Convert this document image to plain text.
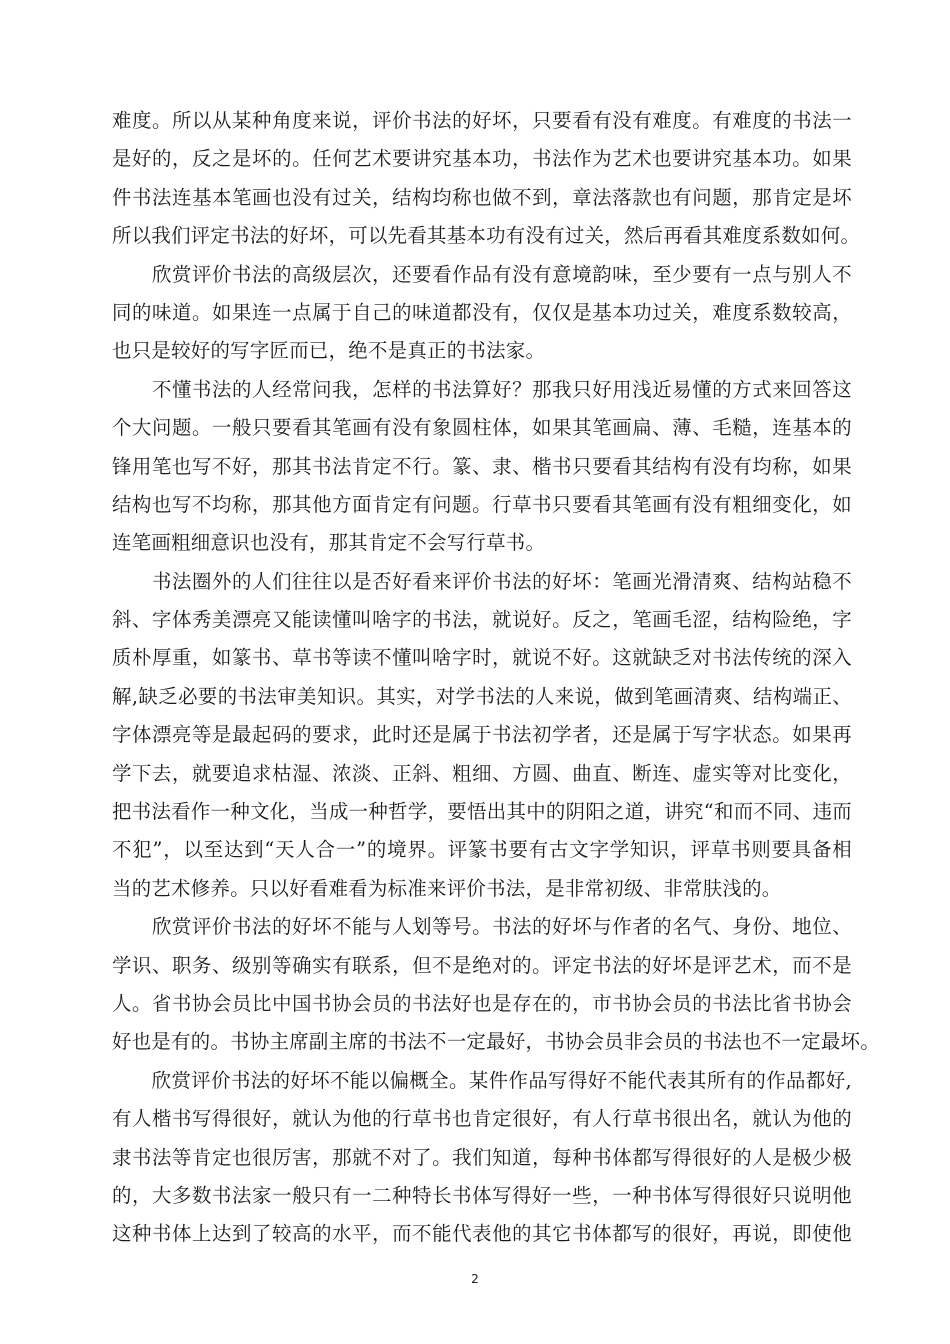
难度。所以从某种角度来说，评价书法的好坏，只要看有没有难度。有难度的书法一
是好的，反之是坏的。任何艺术要讲究基本功，书法作为艺术也要讲究基本功。如果
件书法连基本笔画也没有过关，结构均称也做不到，章法落款也有问题，那肯定是坏
所以我们评定书法的好坏，可以先看其基本功有没有过关，然后再看其难度系数如何。
　　欣赏评价书法的高级层次，还要看作品有没有意境韵味，至少要有一点与别人不
同的味道。如果连一点属于自己的味道都没有，仅仅是基本功过关，难度系数较高，
也只是较好的写字匠而已，绝不是真正的书法家。
　　不懂书法的人经常问我，怎样的书法算好？那我只好用浅近易懂的方式来回答这
个大问题。一般只要看其笔画有没有象圆柱体，如果其笔画扁、薄、毛糙，连基本的
锋用笔也写不好，那其书法肯定不行。篆、隶、楷书只要看其结构有没有均称，如果
结构也写不均称，那其他方面肯定有问题。行草书只要看其笔画有没有粗细变化，如
连笔画粗细意识也没有，那其肯定不会写行草书。
　　书法圈外的人们往往以是否好看来评价书法的好坏：笔画光滑清爽、结构站稳不
斜、字体秀美漂亮又能读懂叫啥字的书法，就说好。反之，笔画毛涩，结构险绝，字
质朴厚重，如篆书、草书等读不懂叫啥字时，就说不好。这就缺乏对书法传统的深入
解,缺乏必要的书法审美知识。其实，对学书法的人来说，做到笔画清爽、结构端正、
字体漂亮等是最起码的要求，此时还是属于书法初学者，还是属于写字状态。如果再
学下去，就要追求枯湿、浓淡、正斜、粗细、方圆、曲直、断连、虚实等对比变化，
把书法看作一种文化，当成一种哲学，要悟出其中的阴阳之道，讲究“和而不同、违而
不犯”，以至达到“天人合一”的境界。评篆书要有古文字学知识，评草书则要具备相
当的艺术修养。只以好看难看为标准来评价书法，是非常初级、非常肤浅的。
　　欣赏评价书法的好坏不能与人划等号。书法的好坏与作者的名气、身份、地位、
学识、职务、级别等确实有联系，但不是绝对的。评定书法的好坏是评艺术，而不是
人。省书协会员比中国书协会员的书法好也是存在的，市书协会员的书法比省书协会
好也是有的。书协主席副主席的书法不一定最好，书协会员非会员的书法也不一定最坏。
　　欣赏评价书法的好坏不能以偏概全。某件作品写得好不能代表其所有的作品都好,
有人楷书写得很好，就认为他的行草书也肯定很好，有人行草书很出名，就认为他的
隶书法等肯定也很厉害，那就不对了。我们知道，每种书体都写得很好的人是极少极
的，大多数书法家一般只有一二种特长书体写得好一些，一种书体写得很好只说明他
这种书体上达到了较高的水平，而不能代表他的其它书体都写的很好，再说，即使他
2
